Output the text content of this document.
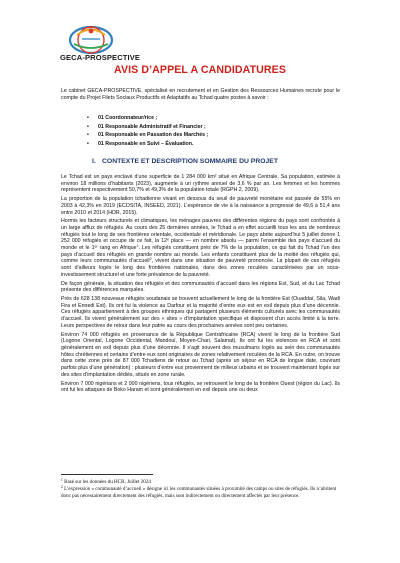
GECA-PROSPECTIVE
AVIS D’APPEL A CANDIDATURES
Le cabinet GECA-PROSPECTIVE, spécialisé en recrutement et en Gestion des Ressources Humaines recrute pour le compte du Projet Filets Sociaux Productifs et Adaptatifs au Tchad quatre postes à savoir :
• 01 Coordonnateur/rice ;
• 01 Responsable Administratif et Financier ;
• 01 Responsable en Passation des Marchés ;
• 01 Responsable en Suivi – Évaluation.
I. CONTEXTE ET DESCRIPTION SOMMAIRE DU PROJET

Le Tchad est un pays enclavé d’une superficie de 1 284 000 km² situé en Afrique Centrale. Sa population, estimée à environ 18 millions d’habitants (2023), augmente à un rythme annuel de 3,6 % par an. Les femmes et les hommes représentent respectivement 50,7% et 49,3% de la population totale (RGPH 2, 2009).

La proportion de la population tchadienne vivant en dessous du seuil de pauvreté monétaire est passée de 55% en 2003 à 42,3% en 2019 (ECOSITA, INSEED, 2021). L’espérance de vie à la naissance a progressé de 49,6 à 51,4 ans entre 2010 et 2014 (HDR, 2015).

Hormis les facteurs structurels et climatiques, les ménages pauvres des différentes régions du pays sont confrontés à un large afflux de réfugiés. Au cours des 25 dernières années, le Tchad a en effet accueilli tous les ans de nombreux réfugiés tout le long de ses frontières orientale, occidentale et méridionale. Le pays abrite aujourd’hui 5 juillet donne 1 252 000 réfugiés et occupe de ce fait, la 12ᵉ place — en nombre absolu — parmi l’ensemble des pays d’accueil du monde et le 1ᵉʳ rang en Afrique$^1$. Les réfugiés constituent près de 7% de la population, ce qui fait du Tchad l’un des pays d’accueil des réfugiés en grande nombre au monde. Les enfants constituent plus de la moitié des réfugiés qui, comme leurs communautés d’accueil$^2$, vivent dans une situation de pauvreté prononcée. La plupart de ces réfugiés sont d’ailleurs logés le long des frontières nationales, dans des zones reculées caractérisées par un sous-investissement structurel et une forte prévalence de la pauvreté.

De façon générale, la situation des réfugiés et des communautés d’accueil dans les régions Est, Sud, et du Lac Tchad présente des différences marquées.

Près de 628 138 nouveaux réfugiés soudanais se trouvent actuellement le long de la frontière Est (Ouaddaï, Sila, Wadi Fira et Ennedi Est). Ils ont fui la violence au Darfour et la majorité d’entre eux est en exil depuis plus d’une décennie. Ces réfugiés appartiennent à des groupes ethniques qui partagent plusieurs éléments culturels avec les communautés d’accueil. Ils vivent généralement sur des « sites » d’implantation spécifique et disposent d’un accès limité à la terre. Leurs perspectives de retour dans leur patrie au cours des prochaines années sont peu certaines.

Environ 74 000 réfugiés en provenance de la République Centrafricaine (RCA) vivent le long de la frontière Sud (Logone Oriental, Logone Occidental, Mandoul, Moyen-Chari, Salamat). Ils ont fui les violences en RCA et sont généralement en exil depuis plus d’une décennie. Il s’agit souvent des musulmans logés au sein des communautés hôtes chrétiennes et certains d’entre eux sont originaires de zones relativement reculées de la RCA. En outre, on trouve dans cette zone près de 87 000 Tchadiens de retour au Tchad (après un séjour en RCA de longue date, couvrant parfois plus d’une génération) : plusieurs d’entre eux proviennent de milieux urbains et se trouvent maintenant logés sur des sites d’implantation dédiés, situés en zone rurale.

Environ 7 000 nigérians et 2 000 nigériens, tous réfugiés, se retrouvent le long de la frontière Ouest (région du Lac). Ils ont fui les attaques de Boko Haram et sont généralement en exil depuis une ou deux

$^1$ Basé sur les données du HCR, Juillet 2024

$^2$ L’expression « communauté d’accueil » désigne ici les communautés situées à proximité des camps ou sites de réfugiés. Ils n’abritent donc pas nécessairement directement des réfugiés, mais sont indirectement ou directement affectés par leur présence.
